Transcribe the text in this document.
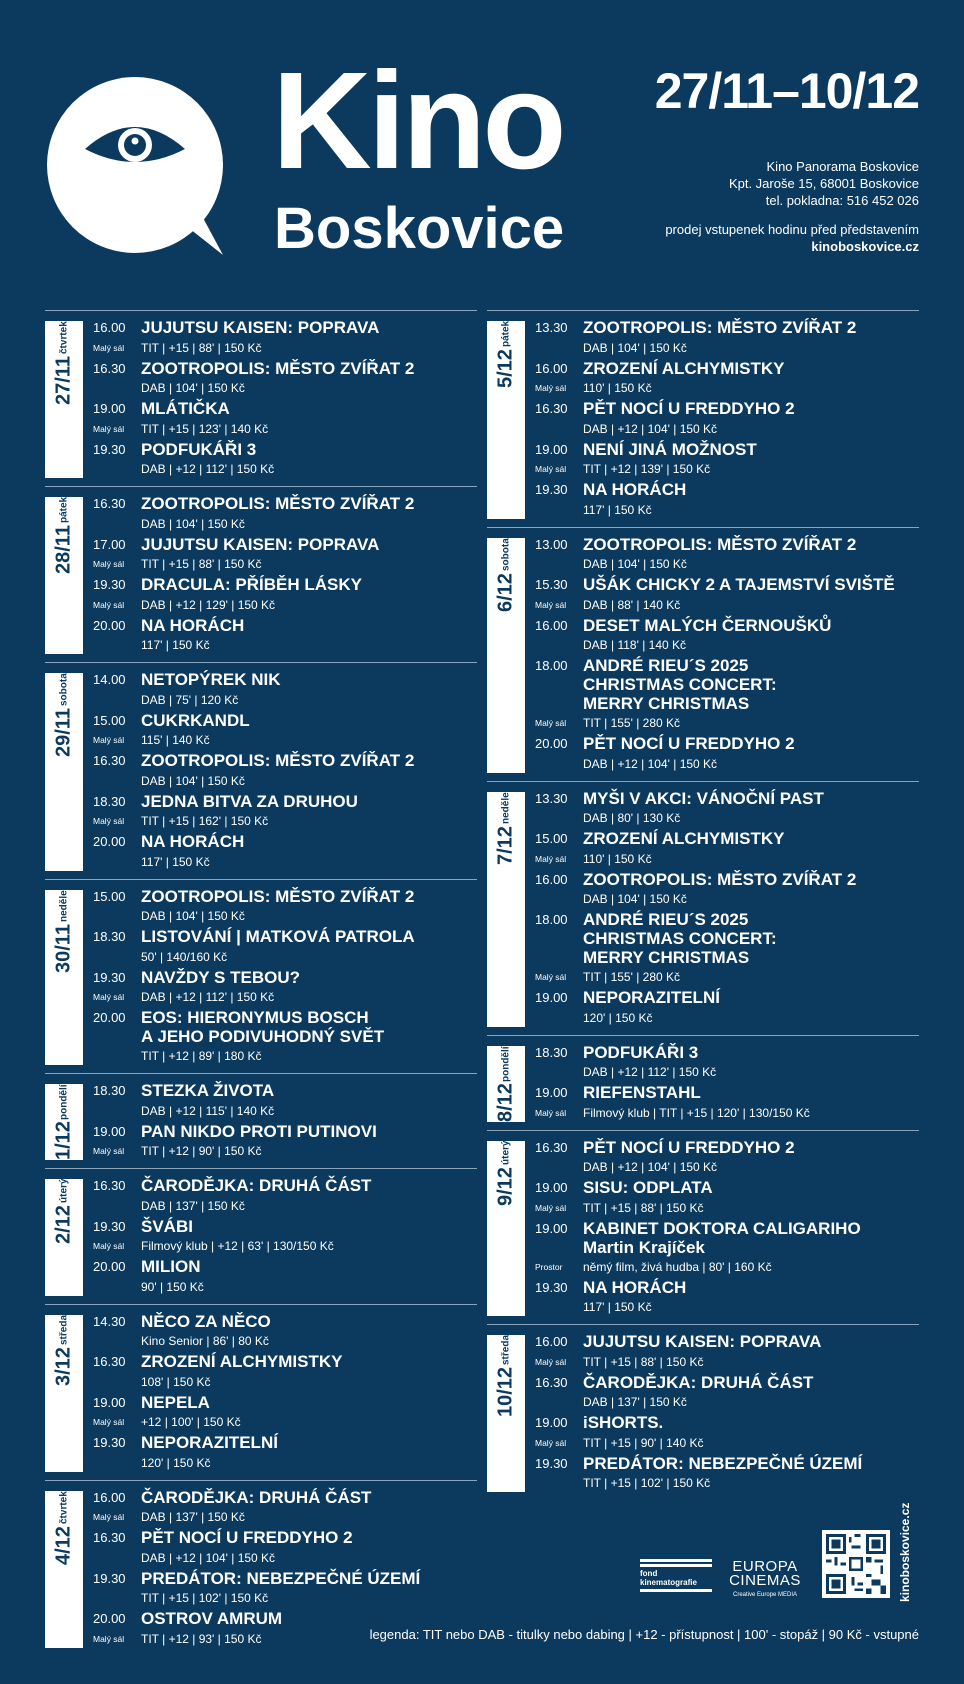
Kino
Boskovice
27/11–10/12
Kino Panorama Boskovice
Kpt. Jaroše 15, 68001 Boskovice
tel. pokladna: 516 452 026
prodej vstupenek hodinu před představením
kinoboskovice.cz
27/11
čtvrtek 16.00
Malý sál
JUJUTSU KAISEN: POPRAVA
TIT | +15 | 88' | 150 Kč
16.30 ZOOTROPOLIS: MĚSTO ZVÍŘAT 2
DAB | 104' | 150 Kč
19.00
Malý sál
MLÁTIČKA
TIT | +15 | 123' | 140 Kč
19.30 PODFUKÁŘI 3
DAB | +12 | 112' | 150 Kč
28/11
pátek 16.30 ZOOTROPOLIS: MĚSTO ZVÍŘAT 2
DAB | 104' | 150 Kč
17.00
Malý sál
JUJUTSU KAISEN: POPRAVA
TIT | +15 | 88' | 150 Kč
19.30
Malý sál
DRACULA: PŘÍBĚH LÁSKY
DAB | +12 | 129' | 150 Kč
20.00 NA HORÁCH
117' | 150 Kč
29/11
sobota 14.00 NETOPÝREK NIK
DAB | 75' | 120 Kč
15.00
Malý sál
CUKRKANDL
115' | 140 Kč
16.30 ZOOTROPOLIS: MĚSTO ZVÍŘAT 2
DAB | 104' | 150 Kč
18.30
Malý sál
JEDNA BITVA ZA DRUHOU
TIT | +15 | 162' | 150 Kč
20.00 NA HORÁCH
117' | 150 Kč
30/11
neděle 15.00 ZOOTROPOLIS: MĚSTO ZVÍŘAT 2
DAB | 104' | 150 Kč
18.30 LISTOVÁNÍ | MATKOVÁ PATROLA
50' | 140/160 Kč
19.30
Malý sál
NAVŽDY S TEBOU?
DAB | +12 | 112' | 150 Kč
20.00 EOS: HIERONYMUS BOSCH
A JEHO PODIVUHODNÝ SVĚT
TIT | +12 | 89' | 180 Kč
1/12
pondělí 18.30 STEZKA ŽIVOTA
DAB | +12 | 115' | 140 Kč
19.00
Malý sál
PAN NIKDO PROTI PUTINOVI
TIT | +12 | 90' | 150 Kč
2/12
úterý 16.30 ČARODĚJKA: DRUHÁ ČÁST
DAB | 137' | 150 Kč
19.30
Malý sál
ŠVÁBI
Filmový klub | +12 | 63' | 130/150 Kč
20.00 MILION
90' | 150 Kč
3/12
středa 14.30 NĚCO ZA NĚCO
Kino Senior | 86' | 80 Kč
16.30 ZROZENÍ ALCHYMISTKY
108' | 150 Kč
19.00
Malý sál
NEPELA
+12 | 100' | 150 Kč
19.30 NEPORAZITELNÍ
120' | 150 Kč
4/12
čtvrtek 16.00
Malý sál
ČARODĚJKA: DRUHÁ ČÁST
DAB | 137' | 150 Kč
16.30 PĚT NOCÍ U FREDDYHO 2
DAB | +12 | 104' | 150 Kč
19.30 PREDÁTOR: NEBEZPEČNÉ ÚZEMÍ
TIT | +15 | 102' | 150 Kč
20.00
Malý sál
OSTROV AMRUM
TIT | +12 | 93' | 150 Kč
5/12
pátek 13.30 ZOOTROPOLIS: MĚSTO ZVÍŘAT 2
DAB | 104' | 150 Kč
16.00
Malý sál
ZROZENÍ ALCHYMISTKY
110' | 150 Kč
16.30 PĚT NOCÍ U FREDDYHO 2
DAB | +12 | 104' | 150 Kč
19.00
Malý sál
NENÍ JINÁ MOŽNOST
TIT | +12 | 139' | 150 Kč
19.30 NA HORÁCH
117' | 150 Kč
6/12
sobota 13.00 ZOOTROPOLIS: MĚSTO ZVÍŘAT 2
DAB | 104' | 150 Kč
15.30
Malý sál
UŠÁK CHICKY 2 A TAJEMSTVÍ SVIŠTĚ
DAB | 88' | 140 Kč
16.00 DESET MALÝCH ČERNOUŠKŮ
DAB | 118' | 140 Kč
18.00
Malý sál
ANDRÉ RIEU´S 2025
CHRISTMAS CONCERT:
MERRY CHRISTMAS
TIT | 155' | 280 Kč
20.00 PĚT NOCÍ U FREDDYHO 2
DAB | +12 | 104' | 150 Kč
7/12
neděle 13.30 MYŠI V AKCI: VÁNOČNÍ PAST
DAB | 80' | 130 Kč
15.00
Malý sál
ZROZENÍ ALCHYMISTKY
110' | 150 Kč
16.00 ZOOTROPOLIS: MĚSTO ZVÍŘAT 2
DAB | 104' | 150 Kč
18.00
Malý sál
ANDRÉ RIEU´S 2025
CHRISTMAS CONCERT:
MERRY CHRISTMAS
TIT | 155' | 280 Kč
19.00 NEPORAZITELNÍ
120' | 150 Kč
8/12
pondělí 18.30 PODFUKÁŘI 3
DAB | +12 | 112' | 150 Kč
19.00
Malý sál
RIEFENSTAHL
Filmový klub | TIT | +15 | 120' | 130/150 Kč
9/12
úterý 16.30 PĚT NOCÍ U FREDDYHO 2
DAB | +12 | 104' | 150 Kč
19.00
Malý sál
SISU: ODPLATA
TIT | +15 | 88' | 150 Kč
19.00
Prostor
KABINET DOKTORA CALIGARIHO
Martin Krajíček
němý film, živá hudba | 80' | 160 Kč
19.30 NA HORÁCH
117' | 150 Kč
10/12
středa 16.00
Malý sál
JUJUTSU KAISEN: POPRAVA
TIT | +15 | 88' | 150 Kč
16.30 ČARODĚJKA: DRUHÁ ČÁST
DAB | 137' | 150 Kč
19.00
Malý sál
iSHORTS.
TIT | +15 | 90' | 140 Kč
19.30 PREDÁTOR: NEBEZPEČNÉ ÚZEMÍ
TIT | +15 | 102' | 150 Kč
fond kinematografie
EUROPA CINEMAS
Creative Europe MEDIA	kinoboskovice.cz
legenda: TIT nebo DAB - titulky nebo dabing | +12 - přístupnost | 100' - stopáž | 90 Kč - vstupné
